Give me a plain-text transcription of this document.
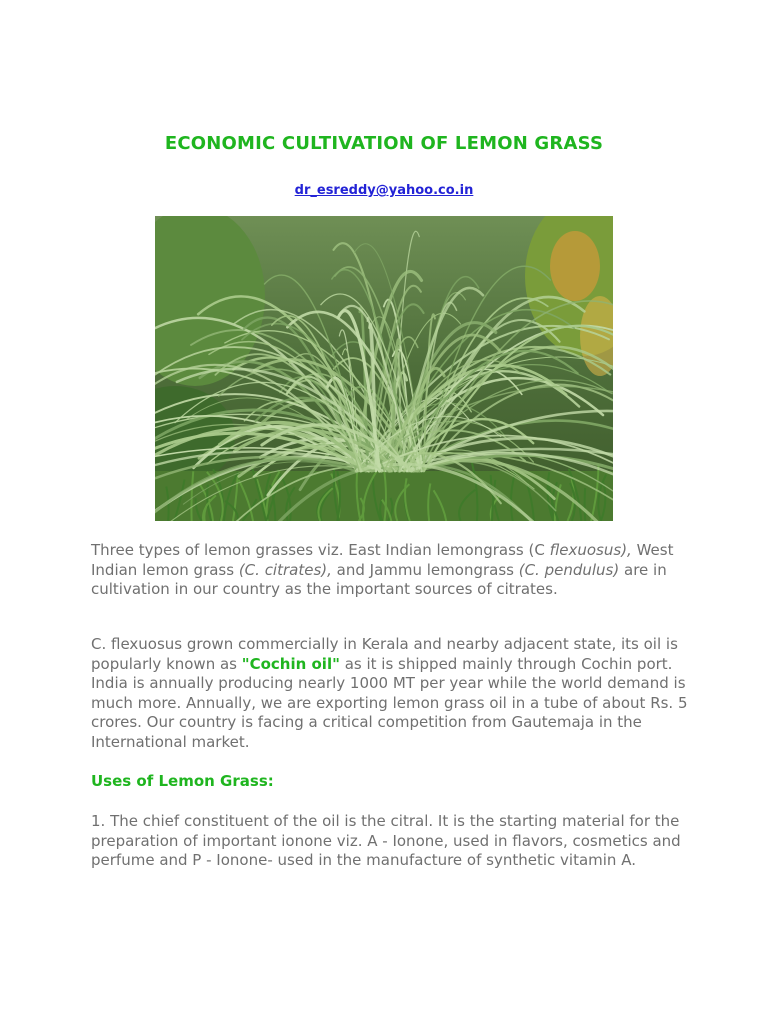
ECONOMIC CULTIVATION OF LEMON GRASS
dr_esreddy@yahoo.co.in

Three types of lemon grasses viz. East Indian lemongrass (C flexuosus), West Indian lemon grass (C. citrates), and Jammu lemongrass (C. pendulus) are in cultivation in our country as the important sources of citrates.

C. flexuosus grown commercially in Kerala and nearby adjacent state, its oil is popularly known as "Cochin oil" as it is shipped mainly through Cochin port. India is annually producing nearly 1000 MT per year while the world demand is much more. Annually, we are exporting lemon grass oil in a tube of about Rs. 5 crores. Our country is facing a critical competition from Gautemaja in the International market.

Uses of Lemon Grass:

1. The chief constituent of the oil is the citral. It is the starting material for the preparation of important ionone viz. A - Ionone, used in flavors, cosmetics and perfume and P - Ionone- used in the manufacture of synthetic vitamin A.
